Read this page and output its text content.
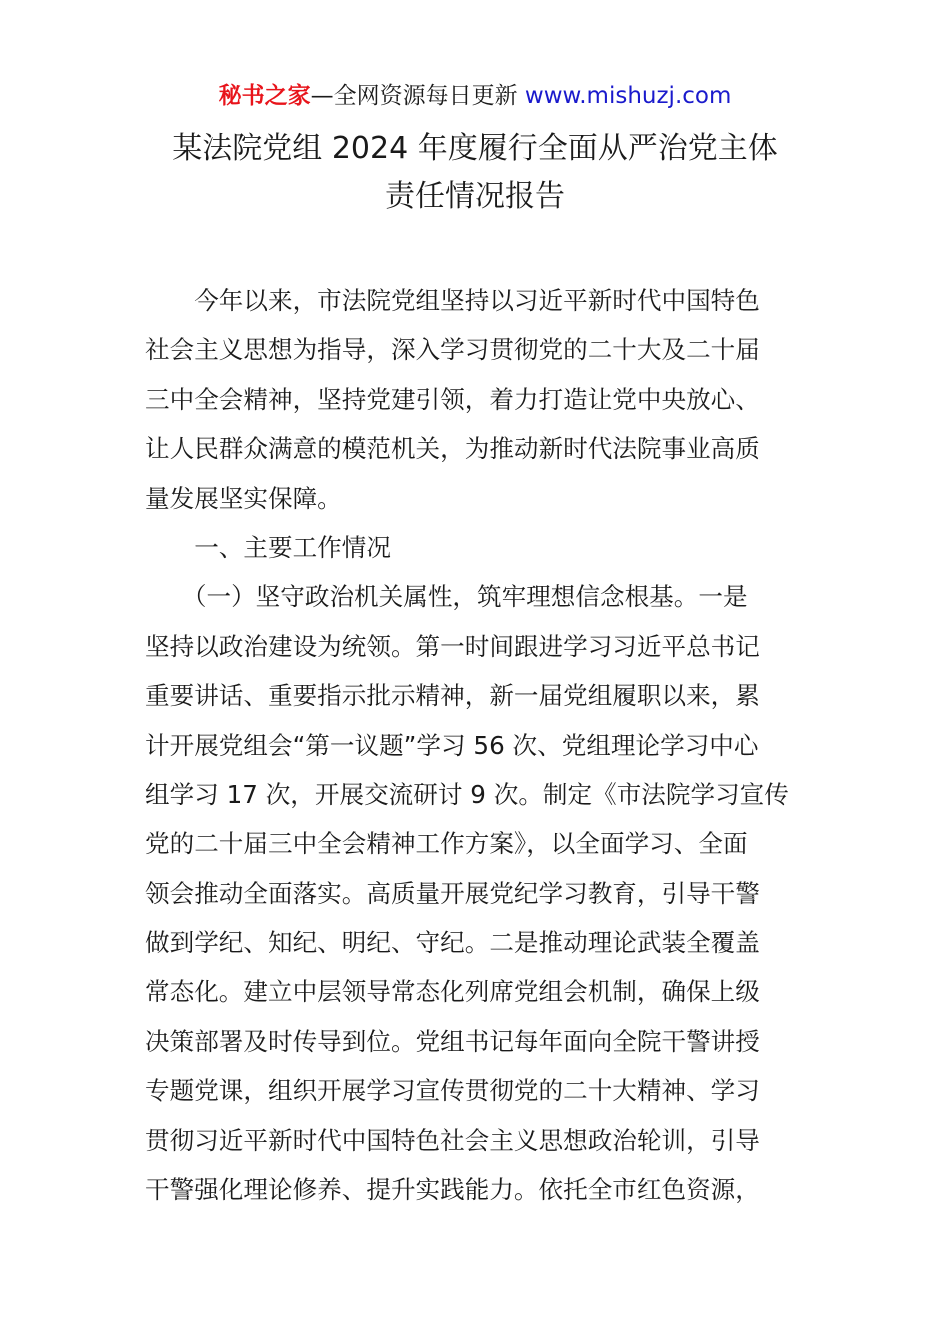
秘书之家—全网资源每日更新 www.mishuzj.com
某法院党组 2024 年度履行全面从严治党主体
责任情况报告
　　今年以来，市法院党组坚持以习近平新时代中国特色
社会主义思想为指导，深入学习贯彻党的二十大及二十届
三中全会精神，坚持党建引领，着力打造让党中央放心、
让人民群众满意的模范机关，为推动新时代法院事业高质
量发展坚实保障。
　　一、主要工作情况
　　（一）坚守政治机关属性，筑牢理想信念根基。一是
坚持以政治建设为统领。第一时间跟进学习习近平总书记
重要讲话、重要指示批示精神，新一届党组履职以来，累
计开展党组会“第一议题”学习 56 次、党组理论学习中心
组学习 17 次，开展交流研讨 9 次。制定《市法院学习宣传
党的二十届三中全会精神工作方案》，以全面学习、全面
领会推动全面落实。高质量开展党纪学习教育，引导干警
做到学纪、知纪、明纪、守纪。二是推动理论武装全覆盖
常态化。建立中层领导常态化列席党组会机制，确保上级
决策部署及时传导到位。党组书记每年面向全院干警讲授
专题党课，组织开展学习宣传贯彻党的二十大精神、学习
贯彻习近平新时代中国特色社会主义思想政治轮训，引导
干警强化理论修养、提升实践能力。依托全市红色资源，
